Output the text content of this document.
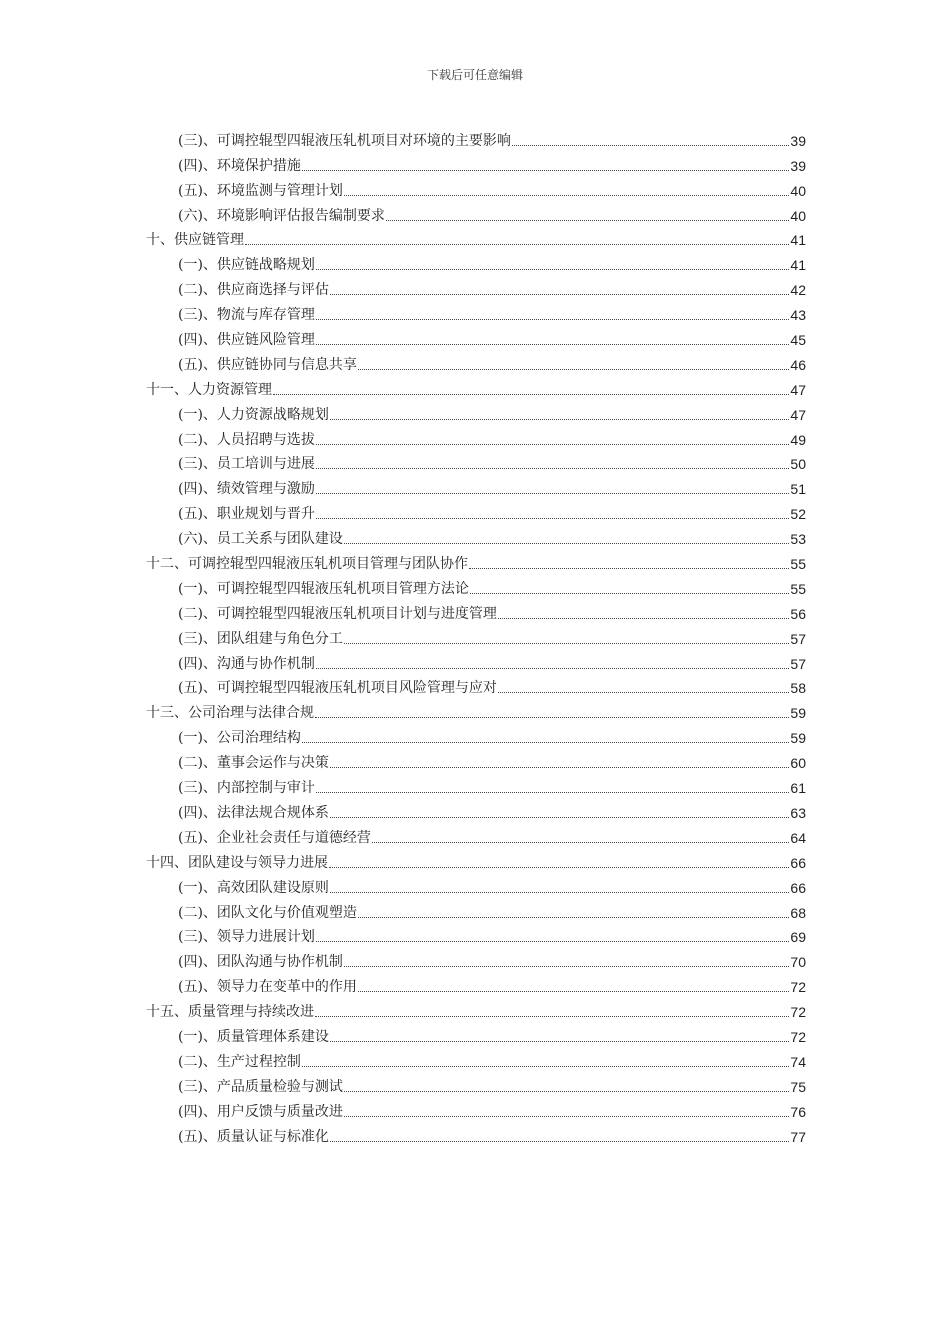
下载后可任意编辑
(三)、可调控辊型四辊液压轧机项目对环境的主要影响	39
(四)、环境保护措施	39
(五)、环境监测与管理计划	40
(六)、环境影响评估报告编制要求	40
十、供应链管理	41
(一)、供应链战略规划	41
(二)、供应商选择与评估	42
(三)、物流与库存管理	43
(四)、供应链风险管理	45
(五)、供应链协同与信息共享	46
十一、人力资源管理	47
(一)、人力资源战略规划	47
(二)、人员招聘与选拔	49
(三)、员工培训与进展	50
(四)、绩效管理与激励	51
(五)、职业规划与晋升	52
(六)、员工关系与团队建设	53
十二、可调控辊型四辊液压轧机项目管理与团队协作	55
(一)、可调控辊型四辊液压轧机项目管理方法论	55
(二)、可调控辊型四辊液压轧机项目计划与进度管理	56
(三)、团队组建与角色分工	57
(四)、沟通与协作机制	57
(五)、可调控辊型四辊液压轧机项目风险管理与应对	58
十三、公司治理与法律合规	59
(一)、公司治理结构	59
(二)、董事会运作与决策	60
(三)、内部控制与审计	61
(四)、法律法规合规体系	63
(五)、企业社会责任与道德经营	64
十四、团队建设与领导力进展	66
(一)、高效团队建设原则	66
(二)、团队文化与价值观塑造	68
(三)、领导力进展计划	69
(四)、团队沟通与协作机制	70
(五)、领导力在变革中的作用	72
十五、质量管理与持续改进	72
(一)、质量管理体系建设	72
(二)、生产过程控制	74
(三)、产品质量检验与测试	75
(四)、用户反馈与质量改进	76
(五)、质量认证与标准化	77
